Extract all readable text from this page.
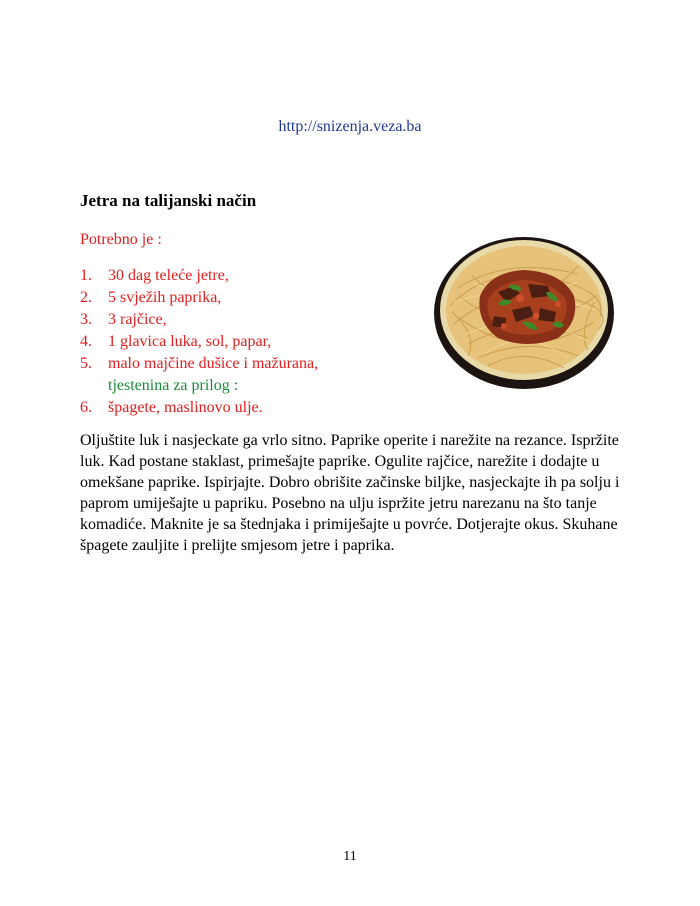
http://snizenja.veza.ba
Jetra na talijanski način
Potrebno je :
1.	30 dag teleće jetre,
2.	5 svježih paprika,
3.	3 rajčice,
4.	1 glavica luka, sol, papar,
5.	malo majčine dušice i mažurana,
tjestenina za prilog :
6.	špagete, maslinovo ulje.

Oljuštite luk i nasjeckate ga vrlo sitno. Paprike operite i narežite na rezance. Ispržite luk. Kad postane staklast, primešajte paprike. Ogulite rajčice, narežite i dodajte u omekšane paprike. Ispirjajte. Dobro obrišite začinske biljke, nasjeckajte ih pa solju i paprom umiješajte u papriku. Posebno na ulju ispržite jetru narezanu na što tanje komadiće. Maknite je sa štednjaka i primiješajte u povrće. Dotjerajte okus. Skuhane špagete zauljite i prelijte smjesom jetre i paprika.

11
